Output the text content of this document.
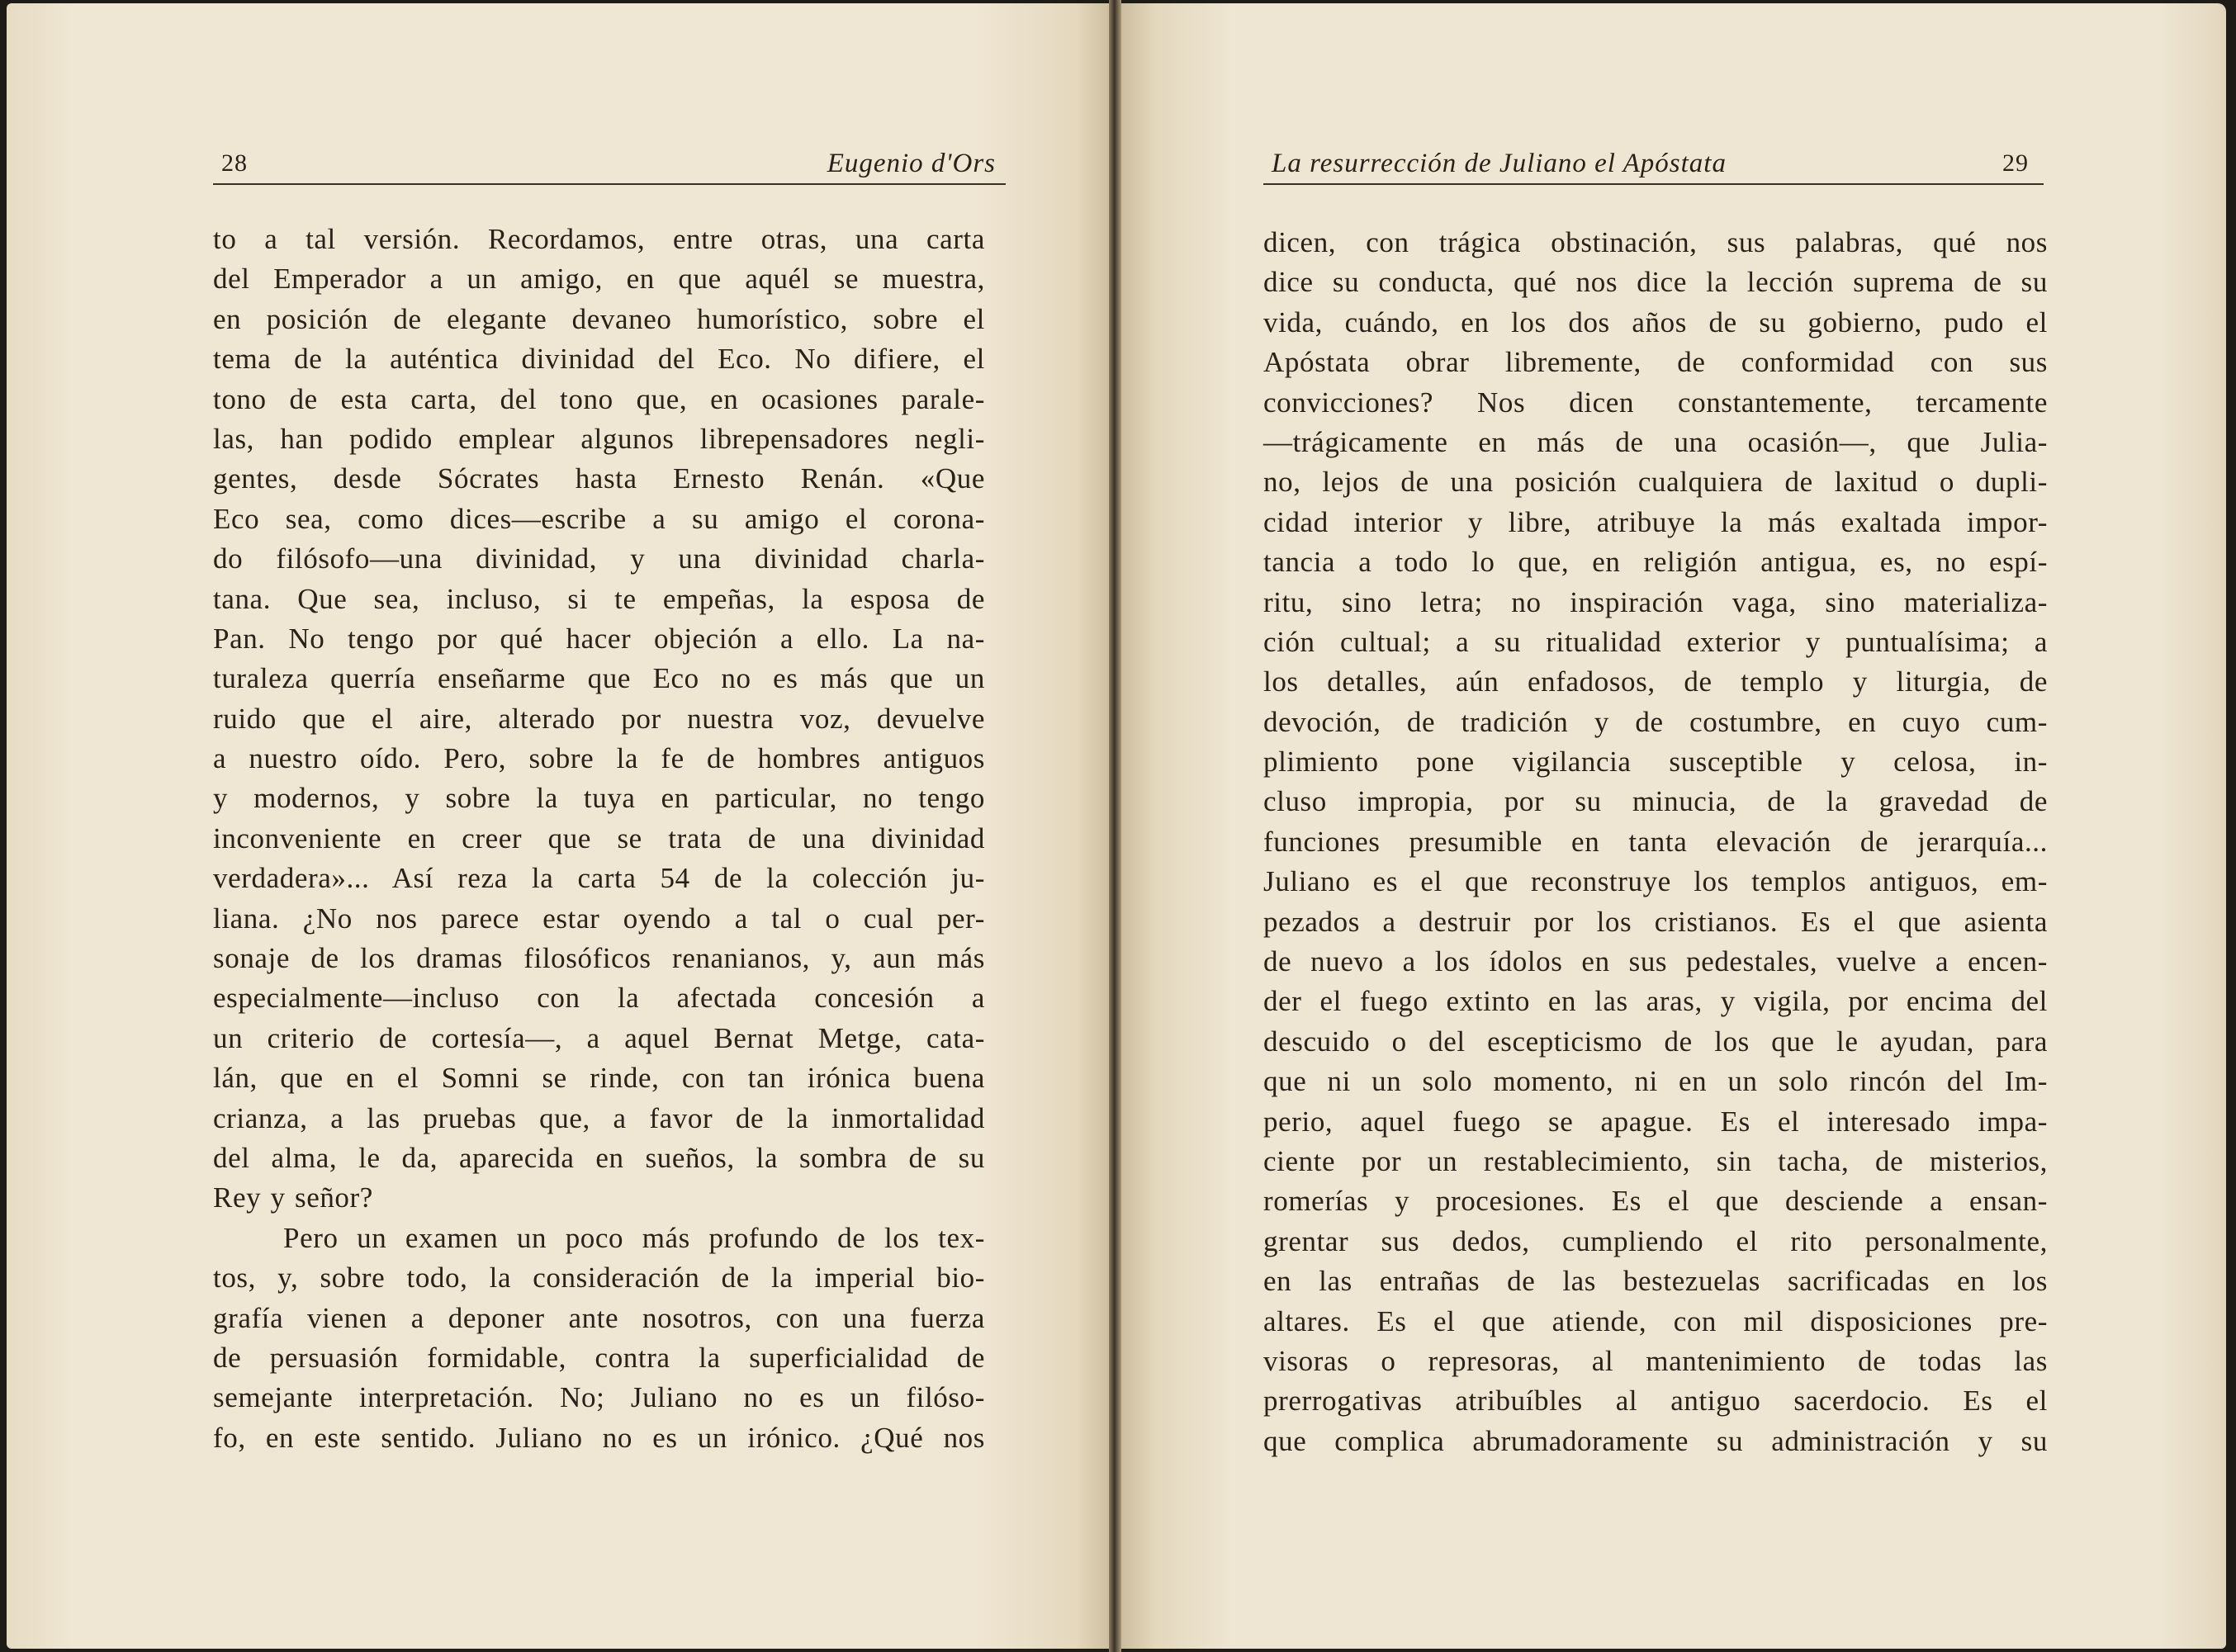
28	Eugenio d'Ors
to a tal versión. Recordamos, entre otras, una carta
del Emperador a un amigo, en que aquél se muestra,
en posición de elegante devaneo humorístico, sobre el
tema de la auténtica divinidad del Eco. No difiere, el
tono de esta carta, del tono que, en ocasiones parale-
las, han podido emplear algunos librepensadores negli-
gentes, desde Sócrates hasta Ernesto Renán. «Que
Eco sea, como dices—escribe a su amigo el corona-
do filósofo—una divinidad, y una divinidad charla-
tana. Que sea, incluso, si te empeñas, la esposa de
Pan. No tengo por qué hacer objeción a ello. La na-
turaleza querría enseñarme que Eco no es más que un
ruido que el aire, alterado por nuestra voz, devuelve
a nuestro oído. Pero, sobre la fe de hombres antiguos
y modernos, y sobre la tuya en particular, no tengo
inconveniente en creer que se trata de una divinidad
verdadera»... Así reza la carta 54 de la colección ju-
liana. ¿No nos parece estar oyendo a tal o cual per-
sonaje de los dramas filosóficos renanianos, y, aun más
especialmente—incluso con la afectada concesión a
un criterio de cortesía—, a aquel Bernat Metge, cata-
lán, que en el Somni se rinde, con tan irónica buena
crianza, a las pruebas que, a favor de la inmortalidad
del alma, le da, aparecida en sueños, la sombra de su
Rey y señor?
Pero un examen un poco más profundo de los tex-
tos, y, sobre todo, la consideración de la imperial bio-
grafía vienen a deponer ante nosotros, con una fuerza
de persuasión formidable, contra la superficialidad de
semejante interpretación. No; Juliano no es un filóso-
fo, en este sentido. Juliano no es un irónico. ¿Qué nos
La resurrección de Juliano el Apóstata	29
dicen, con trágica obstinación, sus palabras, qué nos
dice su conducta, qué nos dice la lección suprema de su
vida, cuándo, en los dos años de su gobierno, pudo el
Apóstata obrar libremente, de conformidad con sus
convicciones? Nos dicen constantemente, tercamente
—trágicamente en más de una ocasión—, que Julia-
no, lejos de una posición cualquiera de laxitud o dupli-
cidad interior y libre, atribuye la más exaltada impor-
tancia a todo lo que, en religión antigua, es, no espí-
ritu, sino letra; no inspiración vaga, sino materializa-
ción cultual; a su ritualidad exterior y puntualísima; a
los detalles, aún enfadosos, de templo y liturgia, de
devoción, de tradición y de costumbre, en cuyo cum-
plimiento pone vigilancia susceptible y celosa, in-
cluso impropia, por su minucia, de la gravedad de
funciones presumible en tanta elevación de jerarquía...
Juliano es el que reconstruye los templos antiguos, em-
pezados a destruir por los cristianos. Es el que asienta
de nuevo a los ídolos en sus pedestales, vuelve a encen-
der el fuego extinto en las aras, y vigila, por encima del
descuido o del escepticismo de los que le ayudan, para
que ni un solo momento, ni en un solo rincón del Im-
perio, aquel fuego se apague. Es el interesado impa-
ciente por un restablecimiento, sin tacha, de misterios,
romerías y procesiones. Es el que desciende a ensan-
grentar sus dedos, cumpliendo el rito personalmente,
en las entrañas de las bestezuelas sacrificadas en los
altares. Es el que atiende, con mil disposiciones pre-
visoras o represoras, al mantenimiento de todas las
prerrogativas atribuíbles al antiguo sacerdocio. Es el
que complica abrumadoramente su administración y su
